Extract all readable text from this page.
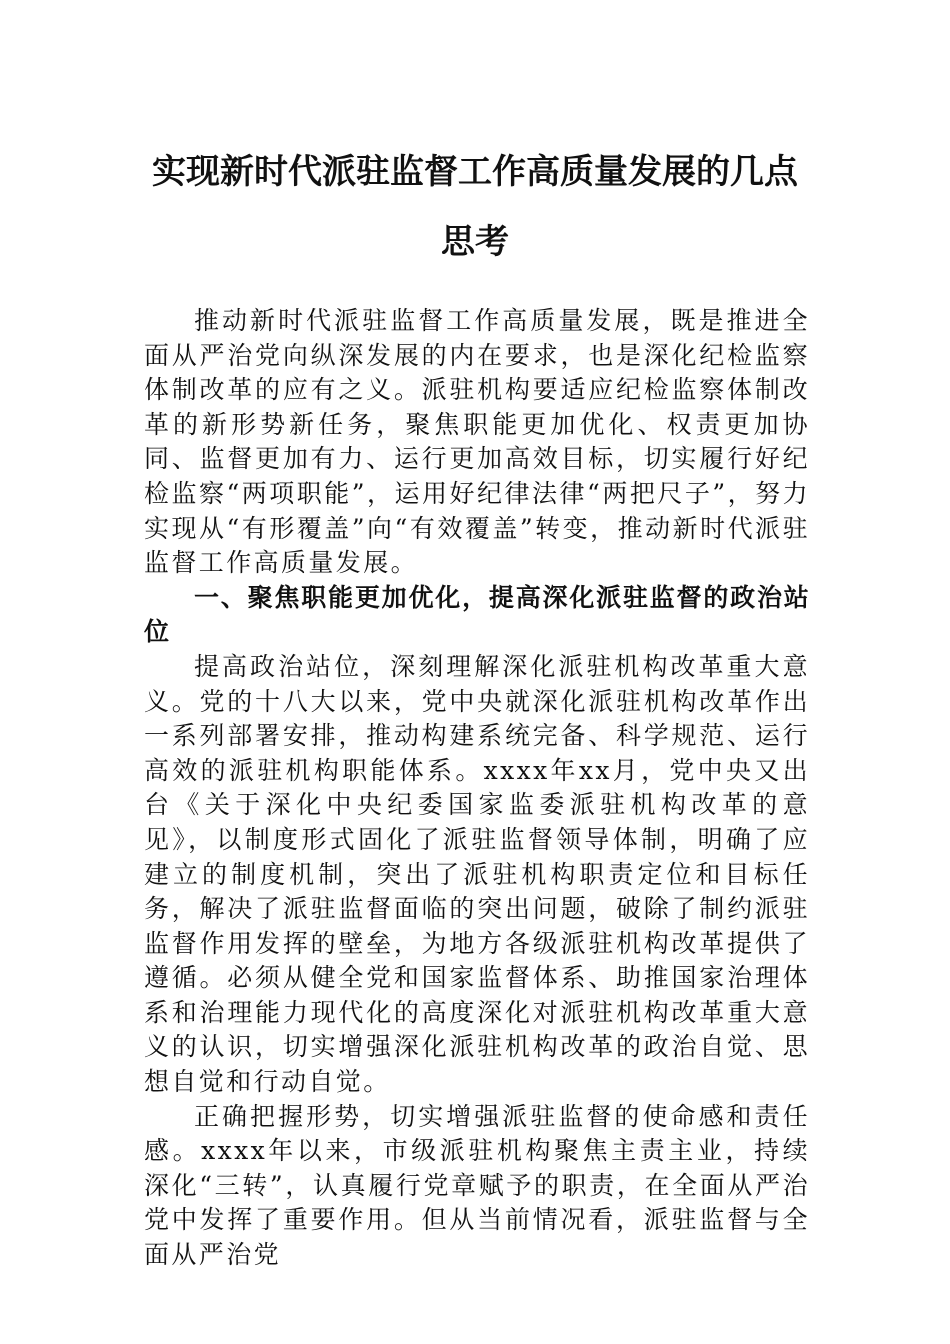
实现新时代派驻监督工作高质量发展的几点思考

推动新时代派驻监督工作高质量发展，既是推进全面从严治党向纵深发展的内在要求，也是深化纪检监察体制改革的应有之义。派驻机构要适应纪检监察体制改革的新形势新任务，聚焦职能更加优化、权责更加协同、监督更加有力、运行更加高效目标，切实履行好纪检监察“两项职能”，运用好纪律法律“两把尺子”，努力实现从“有形覆盖”向“有效覆盖”转变，推动新时代派驻监督工作高质量发展。

一、聚焦职能更加优化，提高深化派驻监督的政治站位

提高政治站位，深刻理解深化派驻机构改革重大意义。党的十八大以来，党中央就深化派驻机构改革作出一系列部署安排，推动构建系统完备、科学规范、运行高效的派驻机构职能体系。xxxx年xx月，党中央又出台《关于深化中央纪委国家监委派驻机构改革的意见》，以制度形式固化了派驻监督领导体制，明确了应建立的制度机制，突出了派驻机构职责定位和目标任务，解决了派驻监督面临的突出问题，破除了制约派驻监督作用发挥的壁垒，为地方各级派驻机构改革提供了遵循。必须从健全党和国家监督体系、助推国家治理体系和治理能力现代化的高度深化对派驻机构改革重大意义的认识，切实增强深化派驻机构改革的政治自觉、思想自觉和行动自觉。

正确把握形势，切实增强派驻监督的使命感和责任感。xxxx年以来，市级派驻机构聚焦主责主业，持续深化“三转”，认真履行党章赋予的职责，在全面从严治党中发挥了重要作用。但从当前情况看，派驻监督与全面从严治党
